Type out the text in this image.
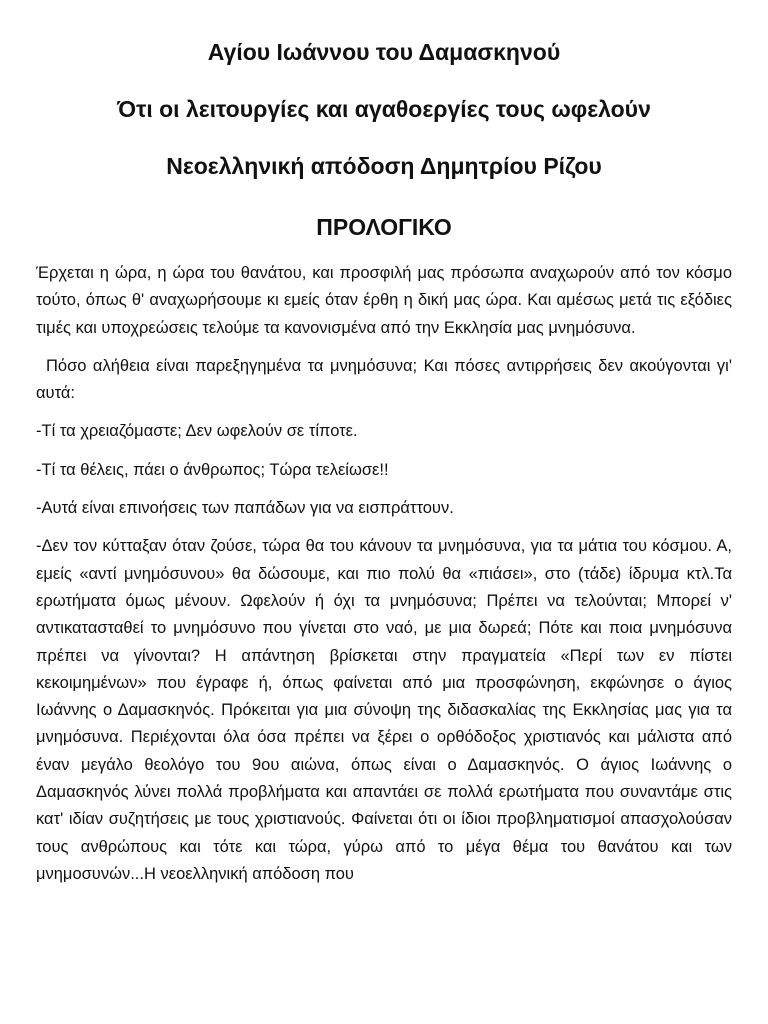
Αγίου Ιωάννου του Δαμασκηνού
Ότι οι λειτουργίες και αγαθοεργίες τους ωφελούν
Νεοελληνική απόδοση Δημητρίου Ρίζου
ΠΡΟΛΟΓΙΚΟ

Έρχεται η ώρα, η ώρα του θανάτου, και προσφιλή μας πρόσωπα αναχωρούν από τον κόσμο τούτο, όπως θ' αναχωρήσουμε κι εμείς όταν έρθη η δική μας ώρα. Και αμέσως μετά τις εξόδιες τιμές και υποχρεώσεις τελούμε τα κανονισμένα από την Εκκλησία μας μνημόσυνα.

Πόσο αλήθεια είναι παρεξηγημένα τα μνημόσυνα; Και πόσες αντιρρήσεις δεν ακούγονται γι' αυτά:

-Τί τα χρειαζόμαστε; Δεν ωφελούν σε τίποτε.

-Τί τα θέλεις, πάει ο άνθρωπος; Τώρα τελείωσε!!

-Αυτά είναι επινοήσεις των παπάδων για να εισπράττουν.

-Δεν τον κύτταξαν όταν ζούσε, τώρα θα του κάνουν τα μνημόσυνα, για τα μάτια του κόσμου. Α, εμείς «αντί μνημόσυνου» θα δώσουμε, και πιο πολύ θα «πιάσει», στο (τάδε) ίδρυμα κτλ.Τα ερωτήματα όμως μένουν. Ωφελούν ή όχι τα μνημόσυνα; Πρέπει να τελούνται; Μπορεί ν' αντικατασταθεί το μνημόσυνο που γίνεται στο ναό, με μια δωρεά; Πότε και ποια μνημόσυνα πρέπει να γίνονται? Η απάντηση βρίσκεται στην πραγματεία «Περί των εν πίστει κεκοιμημένων» που έγραφε ή, όπως φαίνεται από μια προσφώνηση, εκφώνησε ο άγιος Ιωάννης ο Δαμασκηνός. Πρόκειται για μια σύνοψη της διδασκαλίας της Εκκλησίας μας για τα μνημόσυνα. Περιέχονται όλα όσα πρέπει να ξέρει ο ορθόδοξος χριστιανός και μάλιστα από έναν μεγάλο θεολόγο του 9ου αιώνα, όπως είναι ο Δαμασκηνός. Ο άγιος Ιωάννης ο Δαμασκηνός λύνει πολλά προβλήματα και απαντάει σε πολλά ερωτήματα που συναντάμε στις κατ' ιδίαν συζητήσεις με τους χριστιανούς. Φαίνεται ότι οι ίδιοι προβληματισμοί απασχολούσαν τους ανθρώπους και τότε και τώρα, γύρω από το μέγα θέμα του θανάτου και των μνημοσυνών...Η νεοελληνική απόδοση που
